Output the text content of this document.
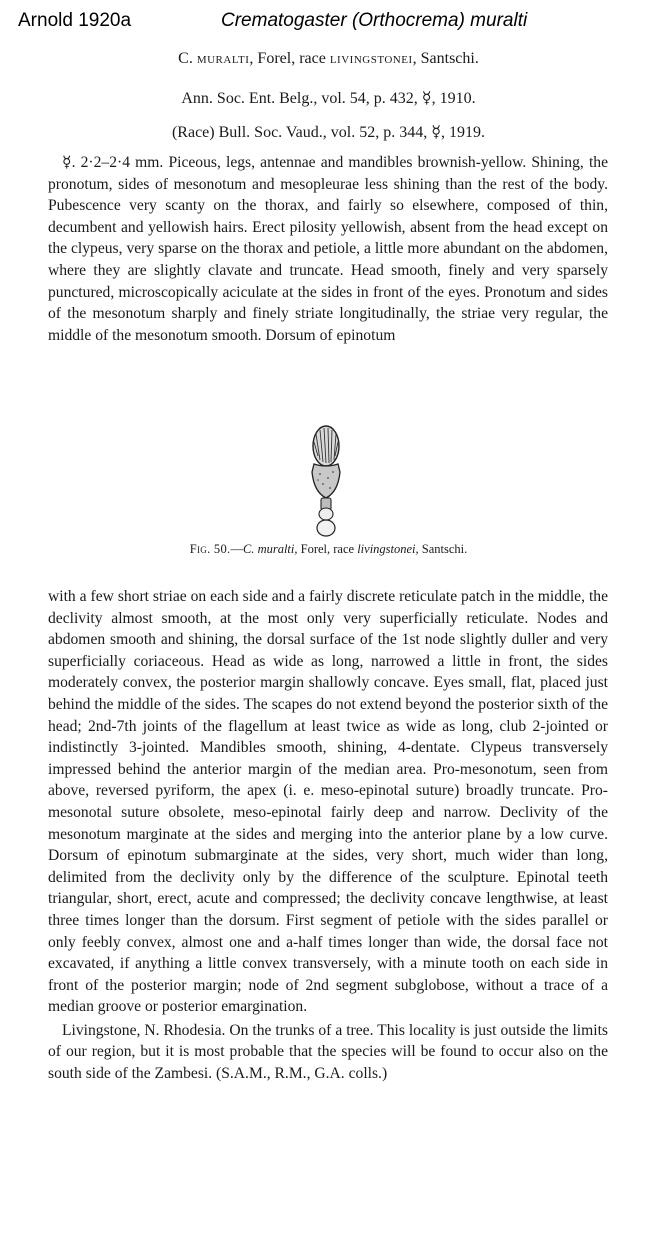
Arnold 1920a	Crematogaster (Orthocrema) muralti
C. muralti, Forel, race livingstonei, Santschi.
Ann. Soc. Ent. Belg., vol. 54, p. 432, ☿, 1910.
(Race) Bull. Soc. Vaud., vol. 52, p. 344, ☿, 1919.

☿. 2·2–2·4 mm. Piceous, legs, antennae and mandibles brownish-yellow. Shining, the pronotum, sides of mesonotum and mesopleurae less shining than the rest of the body. Pubescence very scanty on the thorax, and fairly so elsewhere, composed of thin, decumbent and yellowish hairs. Erect pilosity yellowish, absent from the head except on the clypeus, very sparse on the thorax and petiole, a little more abundant on the abdomen, where they are slightly clavate and truncate. Head smooth, finely and very sparsely punctured, microscopically aciculate at the sides in front of the eyes. Pronotum and sides of the mesonotum sharply and finely striate longitudinally, the striae very regular, the middle of the mesonotum smooth. Dorsum of epinotum

Fig. 50.—C. muralti, Forel, race livingstonei, Santschi.

with a few short striae on each side and a fairly discrete reticulate patch in the middle, the declivity almost smooth, at the most only very superficially reticulate. Nodes and abdomen smooth and shining, the dorsal surface of the 1st node slightly duller and very superficially coriaceous. Head as wide as long, narrowed a little in front, the sides moderately convex, the posterior margin shallowly concave. Eyes small, flat, placed just behind the middle of the sides. The scapes do not extend beyond the posterior sixth of the head; 2nd-7th joints of the flagellum at least twice as wide as long, club 2-jointed or indistinctly 3-jointed. Mandibles smooth, shining, 4-dentate. Clypeus transversely impressed behind the anterior margin of the median area. Pro-mesonotum, seen from above, reversed pyriform, the apex (i. e. meso-epinotal suture) broadly truncate. Pro-mesonotal suture obsolete, meso-epinotal fairly deep and narrow. Declivity of the mesonotum marginate at the sides and merging into the anterior plane by a low curve. Dorsum of epinotum submarginate at the sides, very short, much wider than long, delimited from the declivity only by the difference of the sculpture. Epinotal teeth triangular, short, erect, acute and compressed; the declivity concave lengthwise, at least three times longer than the dorsum. First segment of petiole with the sides parallel or only feebly convex, almost one and a-half times longer than wide, the dorsal face not excavated, if anything a little convex transversely, with a minute tooth on each side in front of the posterior margin; node of 2nd segment subglobose, without a trace of a median groove or posterior emargination.

Livingstone, N. Rhodesia. On the trunks of a tree. This locality is just outside the limits of our region, but it is most probable that the species will be found to occur also on the south side of the Zambesi. (S.A.M., R.M., G.A. colls.)
